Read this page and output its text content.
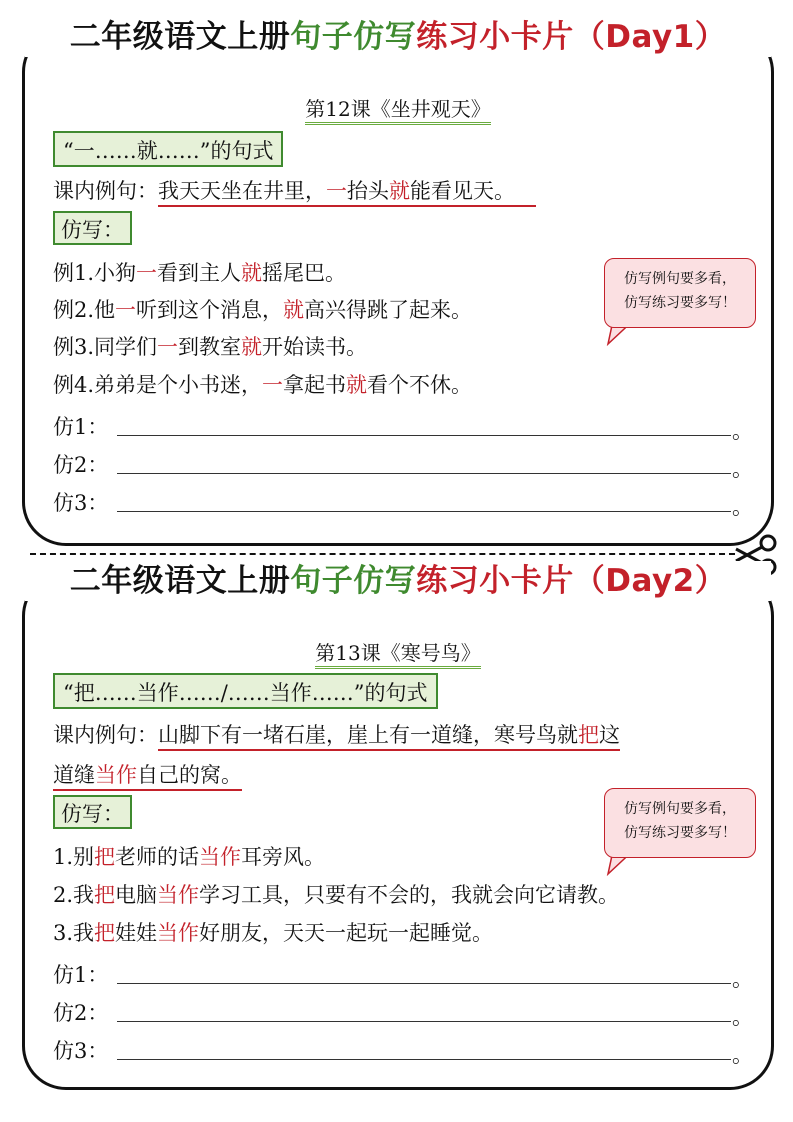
二年级语文上册句子仿写练习小卡片（Day1）
第12课《坐井观天》
“一……就……”的句式
课内例句：我天天坐在井里，一抬头就能看见天。 
仿写：
例1.小狗一看到主人就摇尾巴。
例2.他一听到这个消息，就高兴得跳了起来。
例3.同学们一到教室就开始读书。
例4.弟弟是个小书迷，一拿起书就看个不休。
仿1：	。
仿2：	。
仿3：	。
仿写例句要多看，
仿写练习要多写！
二年级语文上册句子仿写练习小卡片（Day2）
第13课《寒号鸟》
“把……当作……/……当作……”的句式
课内例句：山脚下有一堵石崖，崖上有一道缝，寒号鸟就把这
道缝当作自己的窝。
仿写：
1.别把老师的话当作耳旁风。
2.我把电脑当作学习工具，只要有不会的，我就会向它请教。
3.我把娃娃当作好朋友，天天一起玩一起睡觉。
仿1：	。
仿2：	。
仿3：	。
仿写例句要多看，
仿写练习要多写！
